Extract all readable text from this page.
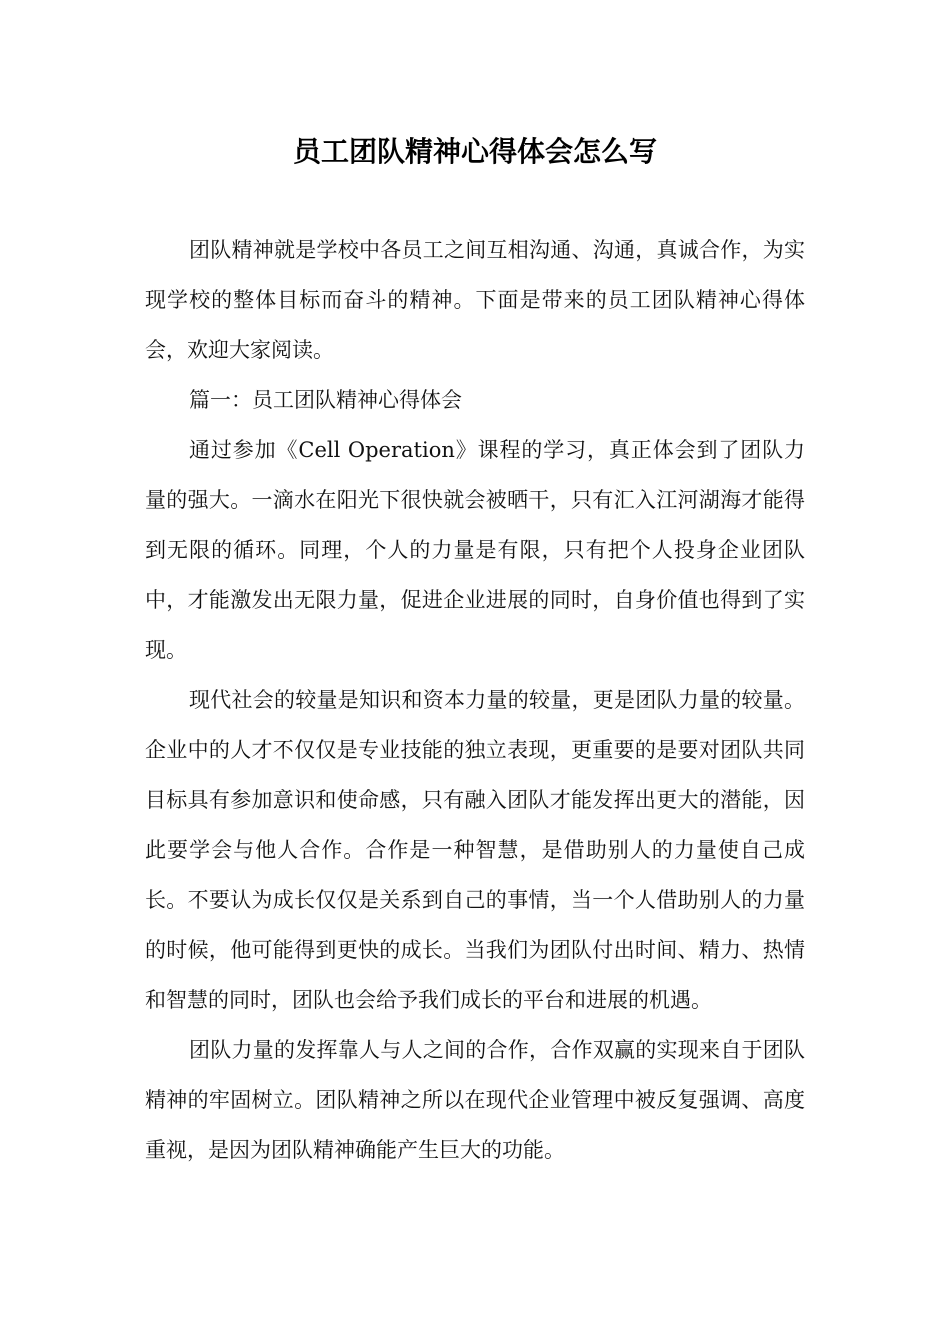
员工团队精神心得体会怎么写

团队精神就是学校中各员工之间互相沟通、沟通，真诚合作，为实现学校的整体目标而奋斗的精神。下面是带来的员工团队精神心得体会，欢迎大家阅读。

篇一：员工团队精神心得体会

通过参加《Cell Operation》课程的学习，真正体会到了团队力量的强大。一滴水在阳光下很快就会被晒干，只有汇入江河湖海才能得到无限的循环。同理，个人的力量是有限，只有把个人投身企业团队中，才能激发出无限力量，促进企业进展的同时，自身价值也得到了实现。

现代社会的较量是知识和资本力量的较量，更是团队力量的较量。企业中的人才不仅仅是专业技能的独立表现，更重要的是要对团队共同目标具有参加意识和使命感，只有融入团队才能发挥出更大的潜能，因此要学会与他人合作。合作是一种智慧，是借助别人的力量使自己成长。不要认为成长仅仅是关系到自己的事情，当一个人借助别人的力量的时候，他可能得到更快的成长。当我们为团队付出时间、精力、热情和智慧的同时，团队也会给予我们成长的平台和进展的机遇。

团队力量的发挥靠人与人之间的合作，合作双赢的实现来自于团队精神的牢固树立。团队精神之所以在现代企业管理中被反复强调、高度重视，是因为团队精神确能产生巨大的功能。
